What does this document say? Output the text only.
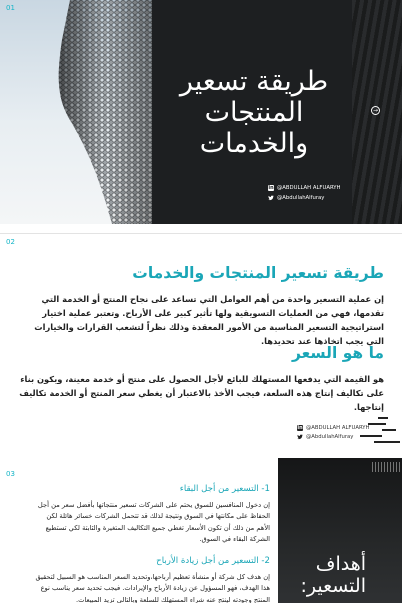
01
طريقة تسعير المنتجات والخدمات
→
in @ABDULLAH ALFUARYH
@AbdullahAlfuray
02
طريقة تسعير المنتجات والخدمات
إن عملية التسعير واحدة من أهم العوامل التي تساعد على نجاح المنتج أو الخدمة التي تقدمها، فهي من العمليات التسويقية ولها تأثير كبير على الأرباح. وتعتبر عملية اختيار استراتيجية التسعير المناسبة من الأمور المعقدة وذلك نظراً لتشعب القرارات والخيارات التي يجب اتخاذها عند تحديدها.
ما هو السعر
هو القيمة التي يدفعها المستهلك للبائع لأجل الحصول على منتج أو خدمة معينة، ويكون بناء على تكاليف إنتاج هذه السلعة، فيجب الأخذ بالاعتبار أن يغطي سعر المنتج أو الخدمة تكاليف إنتاجها.
in @ABDULLAH ALFUARYH
@AbdullahAlfuray
03
1- التسعير من أجل البقاء
إن دخول المنافسين للسوق يحتم على الشركات تسعير منتجاتها بأفضل سعر من أجل الحفاظ على مكانتها في السوق ونتيجة لذلك قد تتحمل الشركات خسائر هائلة لكن الأهم من ذلك أن تكون الأسعار تغطي جميع التكاليف المتغيرة والثابتة لكي تستطيع الشركة البقاء في السوق.
2- التسعير من أجل زيادة الأرباح
إن هدف كل شركة أو منشأة تعظيم أرباحها،وتحديد السعر المناسب هو السبيل لتحقيق هذا الهدف، فهو المسؤول عن زيادة الأرباح والإيرادات. فيجب تحديد سعر يناسب نوع المنتج وجودته لينتج عنه شراء المستهلك للسلعة وبالتالي تزيد المبيعات.
أهداف التسعير:
